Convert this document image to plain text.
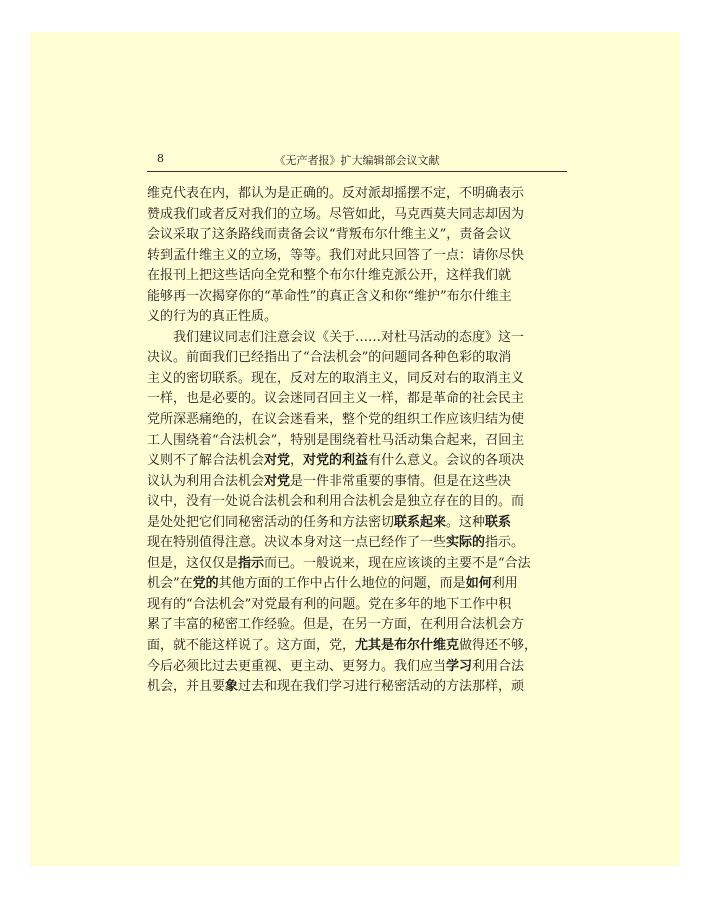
8	《无产者报》扩大编辑部会议文献
维克代表在内，都认为是正确的。反对派却摇摆不定，不明确表示
赞成我们或者反对我们的立场。尽管如此，马克西莫夫同志却因为
会议采取了这条路线而责备会议“背叛布尔什维主义”，责备会议
转到孟什维主义的立场，等等。我们对此只回答了一点：请你尽快
在报刊上把这些话向全党和整个布尔什维克派公开，这样我们就
能够再一次揭穿你的“革命性”的真正含义和你“维护”布尔什维主
义的行为的真正性质。
我们建议同志们注意会议《关于……对杜马活动的态度》这一
决议。前面我们已经指出了“合法机会”的问题同各种色彩的取消
主义的密切联系。现在，反对左的取消主义，同反对右的取消主义
一样，也是必要的。议会迷同召回主义一样，都是革命的社会民主
党所深恶痛绝的，在议会迷看来，整个党的组织工作应该归结为使
工人围绕着“合法机会”，特别是围绕着杜马活动集合起来，召回主
义则不了解合法机会对党，对党的利益有什么意义。会议的各项决
议认为利用合法机会对党是一件非常重要的事情。但是在这些决
议中，没有一处说合法机会和利用合法机会是独立存在的目的。而
是处处把它们同秘密活动的任务和方法密切联系起来。这种联系
现在特别值得注意。决议本身对这一点已经作了一些实际的指示。
但是，这仅仅是指示而已。一般说来，现在应该谈的主要不是“合法
机会”在党的其他方面的工作中占什么地位的问题，而是如何利用
现有的“合法机会”对党最有利的问题。党在多年的地下工作中积
累了丰富的秘密工作经验。但是，在另一方面，在利用合法机会方
面，就不能这样说了。这方面，党，尤其是布尔什维克做得还不够，
今后必须比过去更重视、更主动、更努力。我们应当学习利用合法
机会，并且要象过去和现在我们学习进行秘密活动的方法那样，顽
